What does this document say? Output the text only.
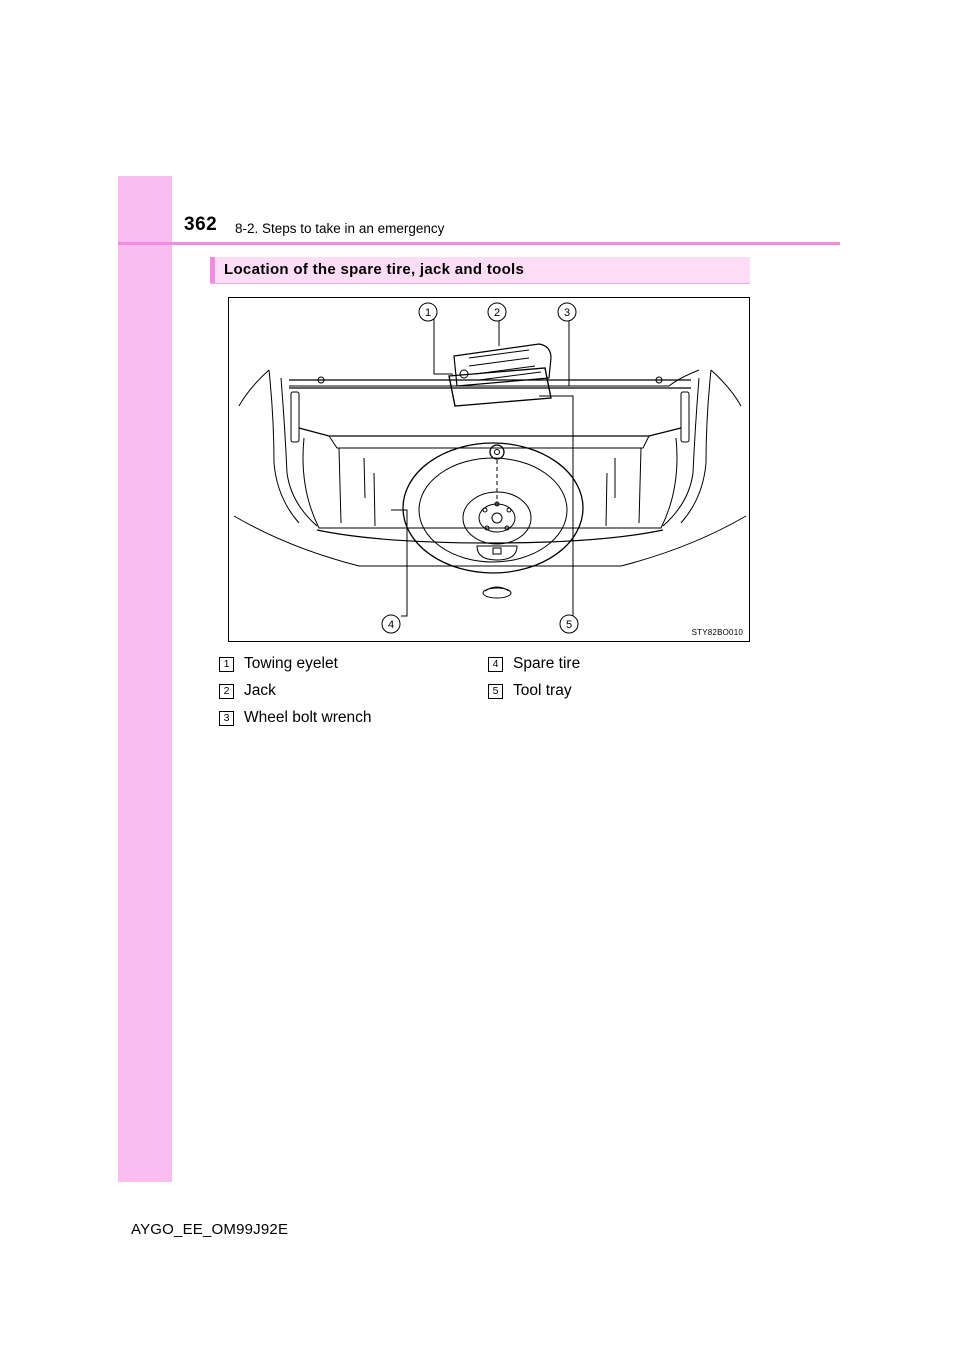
362 8-2. Steps to take in an emergency
Location of the spare tire, jack and tools
1	2	3
4	5
STY82BO010
1 Towing eyelet
2 Jack
3 Wheel bolt wrench
4 Spare tire
5 Tool tray
AYGO_EE_OM99J92E
